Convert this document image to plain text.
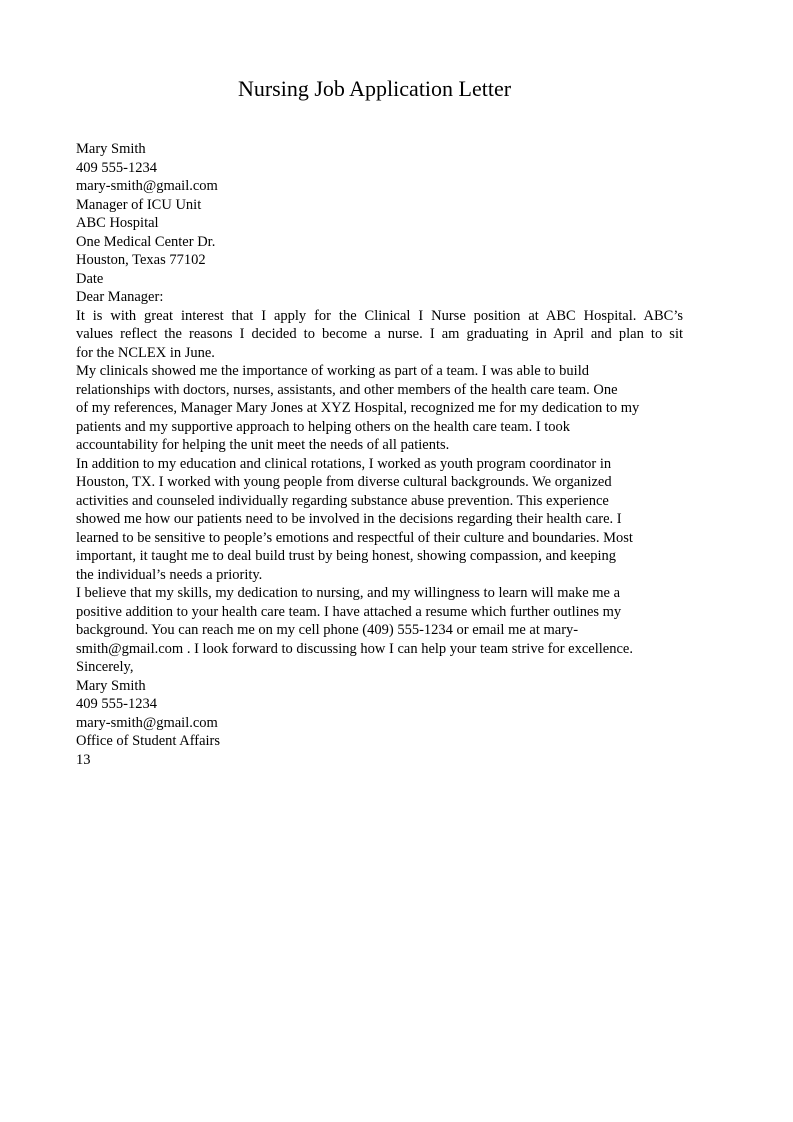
Nursing Job Application Letter
Mary Smith
409 555-1234
mary-smith@gmail.com
Manager of ICU Unit
ABC Hospital
One Medical Center Dr.
Houston, Texas 77102
Date
Dear Manager:
It is with great interest that I apply for the Clinical I Nurse position at ABC Hospital. ABC’s
values reflect the reasons I decided to become a nurse. I am graduating in April and plan to sit
for the NCLEX in June.
My clinicals showed me the importance of working as part of a team. I was able to build
relationships with doctors, nurses, assistants, and other members of the health care team. One
of my references, Manager Mary Jones at XYZ Hospital, recognized me for my dedication to my
patients and my supportive approach to helping others on the health care team. I took
accountability for helping the unit meet the needs of all patients.
In addition to my education and clinical rotations, I worked as youth program coordinator in
Houston, TX. I worked with young people from diverse cultural backgrounds. We organized
activities and counseled individually regarding substance abuse prevention. This experience
showed me how our patients need to be involved in the decisions regarding their health care. I
learned to be sensitive to people’s emotions and respectful of their culture and boundaries. Most
important, it taught me to deal build trust by being honest, showing compassion, and keeping
the individual’s needs a priority.
I believe that my skills, my dedication to nursing, and my willingness to learn will make me a
positive addition to your health care team. I have attached a resume which further outlines my
background. You can reach me on my cell phone (409) 555-1234 or email me at mary-
smith@gmail.com . I look forward to discussing how I can help your team strive for excellence.
Sincerely,
Mary Smith
409 555-1234
mary-smith@gmail.com
Office of Student Affairs
13
